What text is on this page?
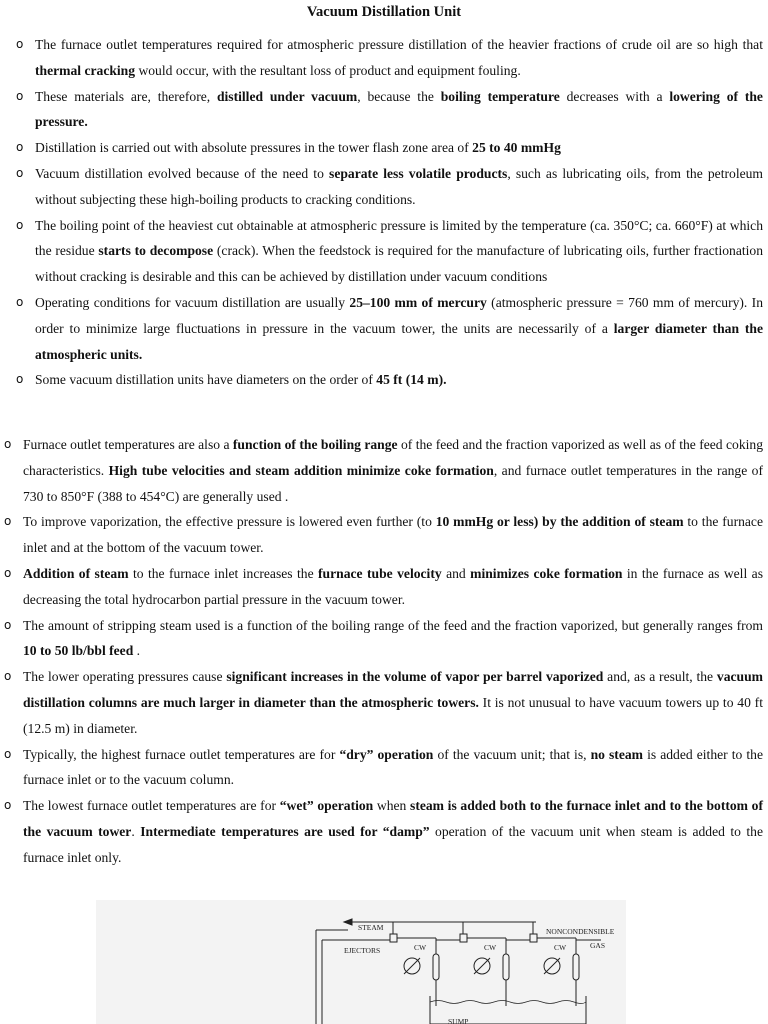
Vacuum Distillation Unit
o The furnace outlet temperatures required for atmospheric pressure distillation of the heavier fractions of crude oil are so high that thermal cracking would occur, with the resultant loss of product and equipment fouling.
o These materials are, therefore, distilled under vacuum, because the boiling temperature decreases with a lowering of the pressure.
o Distillation is carried out with absolute pressures in the tower flash zone area of 25 to 40 mmHg
o Vacuum distillation evolved because of the need to separate less volatile products, such as lubricating oils, from the petroleum without subjecting these high-boiling products to cracking conditions.
o The boiling point of the heaviest cut obtainable at atmospheric pressure is limited by the temperature (ca. 350°C; ca. 660°F) at which the residue starts to decompose (crack). When the feedstock is required for the manufacture of lubricating oils, further fractionation without cracking is desirable and this can be achieved by distillation under vacuum conditions
o Operating conditions for vacuum distillation are usually 25–100 mm of mercury (atmospheric pressure = 760 mm of mercury). In order to minimize large fluctuations in pressure in the vacuum tower, the units are necessarily of a larger diameter than the atmospheric units.
o Some vacuum distillation units have diameters on the order of 45 ft (14 m).
o Furnace outlet temperatures are also a function of the boiling range of the feed and the fraction vaporized as well as of the feed coking characteristics. High tube velocities and steam addition minimize coke formation, and furnace outlet temperatures in the range of 730 to 850°F (388 to 454°C) are generally used .
o To improve vaporization, the effective pressure is lowered even further (to 10 mmHg or less) by the addition of steam to the furnace inlet and at the bottom of the vacuum tower.
o Addition of steam to the furnace inlet increases the furnace tube velocity and minimizes coke formation in the furnace as well as decreasing the total hydrocarbon partial pressure in the vacuum tower.
o The amount of stripping steam used is a function of the boiling range of the feed and the fraction vaporized, but generally ranges from 10 to 50 lb/bbl feed .
o The lower operating pressures cause significant increases in the volume of vapor per barrel vaporized and, as a result, the vacuum distillation columns are much larger in diameter than the atmospheric towers. It is not unusual to have vacuum towers up to 40 ft (12.5 m) in diameter.
o Typically, the highest furnace outlet temperatures are for “dry” operation of the vacuum unit; that is, no steam is added either to the furnace inlet or to the vacuum column.
o The lowest furnace outlet temperatures are for “wet” operation when steam is added both to the furnace inlet and to the bottom of the vacuum tower. Intermediate temperatures are used for “damp” operation of the vacuum unit when steam is added to the furnace inlet only.
STEAM
EJECTORS	CW	CW	CW
NONCONDENSIBLE
GAS
SUMP
